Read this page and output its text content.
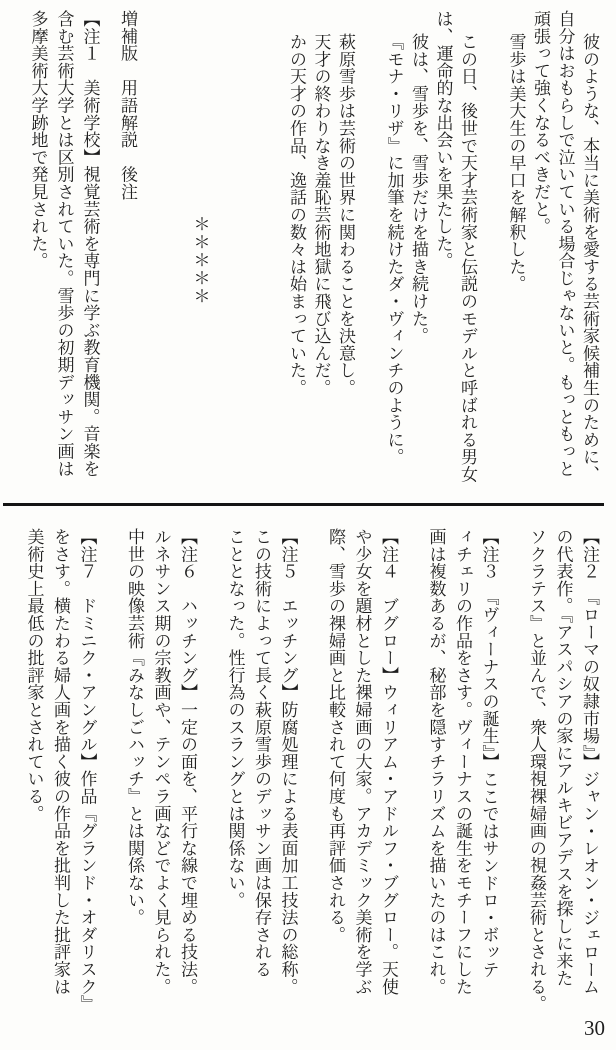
彼のような、本当に美術を愛する芸術家候補生のために、
自分はおもらしで泣いている場合じゃないと。もっともっと
頑張って強くなるべきだと。
雪歩は美大生の早口を解釈した。
この日、後世で天才芸術家と伝説のモデルと呼ばれる男女
は、運命的な出会いを果たした。
彼は、雪歩を、雪歩だけを描き続けた。
『モナ・リザ』に加筆を続けたダ・ヴィンチのように。
萩原雪歩は芸術の世界に関わることを決意し。
天才の終わりなき羞恥芸術地獄に飛び込んだ。
かの天才の作品、逸話の数々は始まっていた。
＊＊＊＊＊
増補版　用語解説　後注
【注１　美術学校】視覚芸術を専門に学ぶ教育機関。音楽を
含む芸術大学とは区別されていた。雪歩の初期デッサン画は
多摩美術大学跡地で発見された。
【注２　『ローマの奴隷市場』】ジャン・レオン・ジェローム
の代表作。『アスパシアの家にアルキビアデスを探しに来た
ソクラテス』と並んで、衆人環視裸婦画の視姦芸術とされる。
【注３　『ヴィーナスの誕生』】ここではサンドロ・ボッテ
ィチェリの作品をさす。ヴィーナスの誕生をモチーフにした
画は複数あるが、秘部を隠すチラリズムを描いたのはこれ。
【注４　ブグロー】ウィリアム・アドルフ・ブグロー。天使
や少女を題材とした裸婦画の大家。アカデミック美術を学ぶ
際、雪歩の裸婦画と比較されて何度も再評価される。
【注５　エッチング】防腐処理による表面加工技法の総称。
この技術によって長く萩原雪歩のデッサン画は保存される
こととなった。性行為のスラングとは関係ない。
【注６　ハッチング】一定の面を、平行な線で埋める技法。
ルネサンス期の宗教画や、テンペラ画などでよく見られた。
中世の映像芸術『みなしごハッチ』とは関係ない。
【注７　ドミニク・アングル】作品『グランド・オダリスク』
をさす。横たわる婦人画を描く彼の作品を批判した批評家は
美術史上最低の批評家とされている。
30
